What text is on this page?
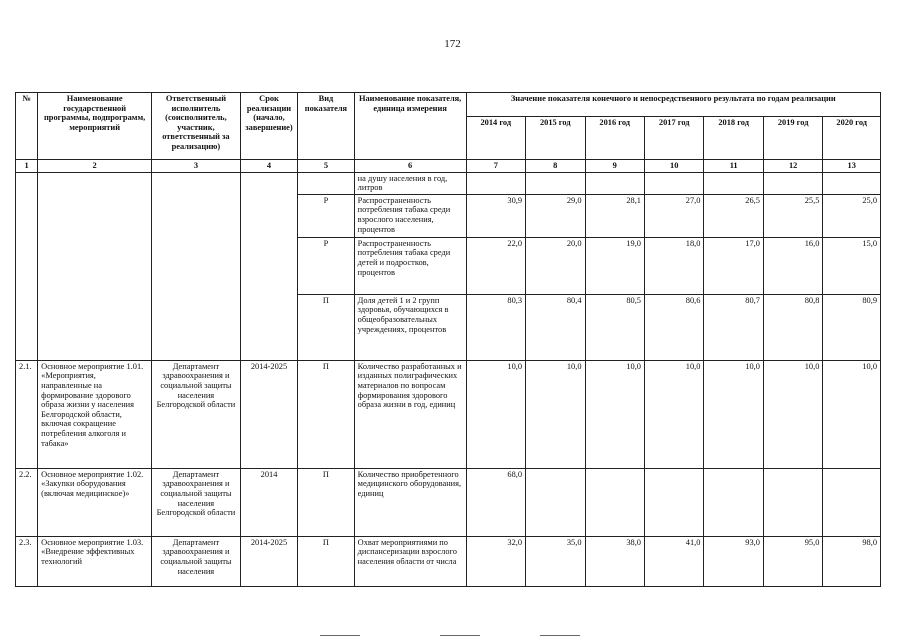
172
№	Наименование государственной программы, подпрограмм, мероприятий	Ответственный исполнитель (соисполнитель, участник, ответственный за реализацию)	Срок реализации (начало, завершение)	Вид показателя	Наименование показателя, единица измерения	Значение показателя конечного и непосредственного результата по годам реализации						
						2014 год	2015 год	2016 год	2017 год	2018 год	2019 год	2020 год
1	2	3	4	5	6	7	8	9	10	11	12	13
					на душу населения в год, литров							
				Р	Распространенность потребления табака среди взрослого населения, процентов	30,9	29,0	28,1	27,0	26,5	25,5	25,0
				Р	Распространенность потребления табака среди детей и подростков, процентов	22,0	20,0	19,0	18,0	17,0	16,0	15,0
				П	Доля детей 1 и 2 групп здоровья, обучающихся в общеобразовательных учреждениях, процентов	80,3	80,4	80,5	80,6	80,7	80,8	80,9
2.1.	Основное мероприятие 1.01. «Мероприятия, направленные на формирование здорового образа жизни у населения Белгородской области, включая сокращение потребления алкоголя и табака»	Департамент здравоохранения и социальной защиты населения Белгородской области	2014-2025	П	Количество разработанных и изданных полиграфических материалов по вопросам формирования здорового образа жизни в год, единиц	10,0	10,0	10,0	10,0	10,0	10,0	10,0
2.2.	Основное мероприятие 1.02. «Закупки оборудования (включая медицинское)»	Департамент здравоохранения и социальной защиты населения Белгородской области	2014	П	Количество приобретенного медицинского оборудования, единиц	68,0						
2.3.	Основное мероприятие 1.03. «Внедрение эффективных технологий	Департамент здравоохранения и социальной защиты населения	2014-2025	П	Охват мероприятиями по диспансеризации взрослого населения области от числа	32,0	35,0	38,0	41,0	93,0	95,0	98,0
